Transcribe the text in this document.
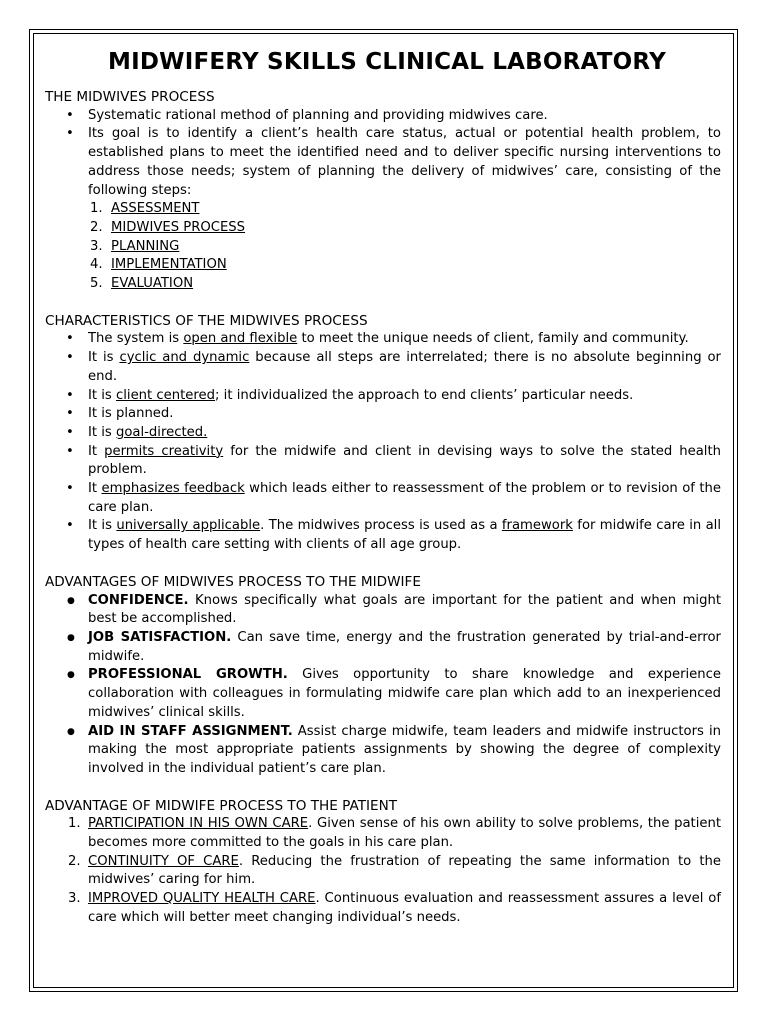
MIDWIFERY SKILLS CLINICAL LABORATORY
THE MIDWIVES PROCESS
• Systematic rational method of planning and providing midwives care.
• Its goal is to identify a client’s health care status, actual or potential health problem, to established plans to meet the identified need and to deliver specific nursing interventions to address those needs; system of planning the delivery of midwives’ care, consisting of the following steps:
1. ASSESSMENT
2. MIDWIVES PROCESS
3. PLANNING
4. IMPLEMENTATION
5. EVALUATION
CHARACTERISTICS OF THE MIDWIVES PROCESS
• The system is open and flexible to meet the unique needs of client, family and community.
• It is cyclic and dynamic because all steps are interrelated; there is no absolute beginning or end.
• It is client centered; it individualized the approach to end clients’ particular needs.
• It is planned.
• It is goal-directed.
• It permits creativity for the midwife and client in devising ways to solve the stated health problem.
• It emphasizes feedback which leads either to reassessment of the problem or to revision of the care plan.
• It is universally applicable. The midwives process is used as a framework for midwife care in all types of health care setting with clients of all age group.
ADVANTAGES OF MIDWIVES PROCESS TO THE MIDWIFE
● CONFIDENCE. Knows specifically what goals are important for the patient and when might best be accomplished.
● JOB SATISFACTION. Can save time, energy and the frustration generated by trial-and-error midwife.
● PROFESSIONAL GROWTH. Gives opportunity to share knowledge and experience collaboration with colleagues in formulating midwife care plan which add to an inexperienced midwives’ clinical skills.
● AID IN STAFF ASSIGNMENT. Assist charge midwife, team leaders and midwife instructors in making the most appropriate patients assignments by showing the degree of complexity involved in the individual patient’s care plan.
ADVANTAGE OF MIDWIFE PROCESS TO THE PATIENT
1. PARTICIPATION IN HIS OWN CARE. Given sense of his own ability to solve problems, the patient becomes more committed to the goals in his care plan.
2. CONTINUITY OF CARE. Reducing the frustration of repeating the same information to the midwives’ caring for him.
3. IMPROVED QUALITY HEALTH CARE. Continuous evaluation and reassessment assures a level of care which will better meet changing individual’s needs.
